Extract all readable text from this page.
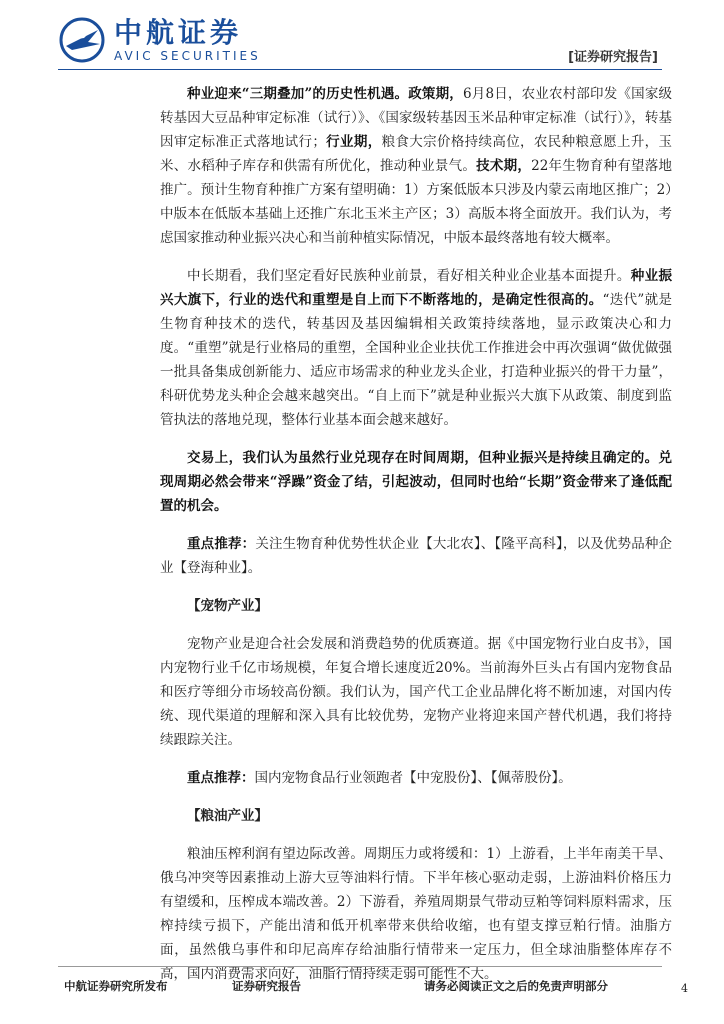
中航证券
AVIC SECURITIES	[证券研究报告]

种业迎来“三期叠加”的历史性机遇。政策期，6月8日，农业农村部印发《国家级转基因大豆品种审定标准（试行）》、《国家级转基因玉米品种审定标准（试行）》，转基因审定标准正式落地试行；行业期，粮食大宗价格持续高位，农民种粮意愿上升，玉米、水稻种子库存和供需有所优化，推动种业景气。技术期，22年生物育种有望落地推广。预计生物育种推广方案有望明确：1）方案低版本只涉及内蒙云南地区推广；2）中版本在低版本基础上还推广东北玉米主产区；3）高版本将全面放开。我们认为，考虑国家推动种业振兴决心和当前种植实际情况，中版本最终落地有较大概率。

中长期看，我们坚定看好民族种业前景，看好相关种业企业基本面提升。种业振兴大旗下，行业的迭代和重塑是自上而下不断落地的，是确定性很高的。“迭代”就是生物育种技术的迭代，转基因及基因编辑相关政策持续落地，显示政策决心和力度。“重塑”就是行业格局的重塑，全国种业企业扶优工作推进会中再次强调“做优做强一批具备集成创新能力、适应市场需求的种业龙头企业，打造种业振兴的骨干力量”，科研优势龙头种企会越来越突出。“自上而下”就是种业振兴大旗下从政策、制度到监管执法的落地兑现，整体行业基本面会越来越好。

交易上，我们认为虽然行业兑现存在时间周期，但种业振兴是持续且确定的。兑现周期必然会带来“浮躁”资金了结，引起波动，但同时也给“长期”资金带来了逢低配置的机会。

重点推荐：关注生物育种优势性状企业【大北农】、【隆平高科】，以及优势品种企业【登海种业】。

【宠物产业】

宠物产业是迎合社会发展和消费趋势的优质赛道。据《中国宠物行业白皮书》，国内宠物行业千亿市场规模，年复合增长速度近20%。当前海外巨头占有国内宠物食品和医疗等细分市场较高份额。我们认为，国产代工企业品牌化将不断加速，对国内传统、现代渠道的理解和深入具有比较优势，宠物产业将迎来国产替代机遇，我们将持续跟踪关注。

重点推荐：国内宠物食品行业领跑者【中宠股份】、【佩蒂股份】。

【粮油产业】

粮油压榨利润有望边际改善。周期压力或将缓和：1）上游看，上半年南美干旱、俄乌冲突等因素推动上游大豆等油料行情。下半年核心驱动走弱，上游油料价格压力有望缓和，压榨成本端改善。2）下游看，养殖周期景气带动豆粕等饲料原料需求，压榨持续亏损下，产能出清和低开机率带来供给收缩，也有望支撑豆粕行情。油脂方面，虽然俄乌事件和印尼高库存给油脂行情带来一定压力，但全球油脂整体库存不高，国内消费需求向好，油脂行情持续走弱可能性不大。

中航证券研究所发布	证券研究报告	请务必阅读正文之后的免责声明部分	4
